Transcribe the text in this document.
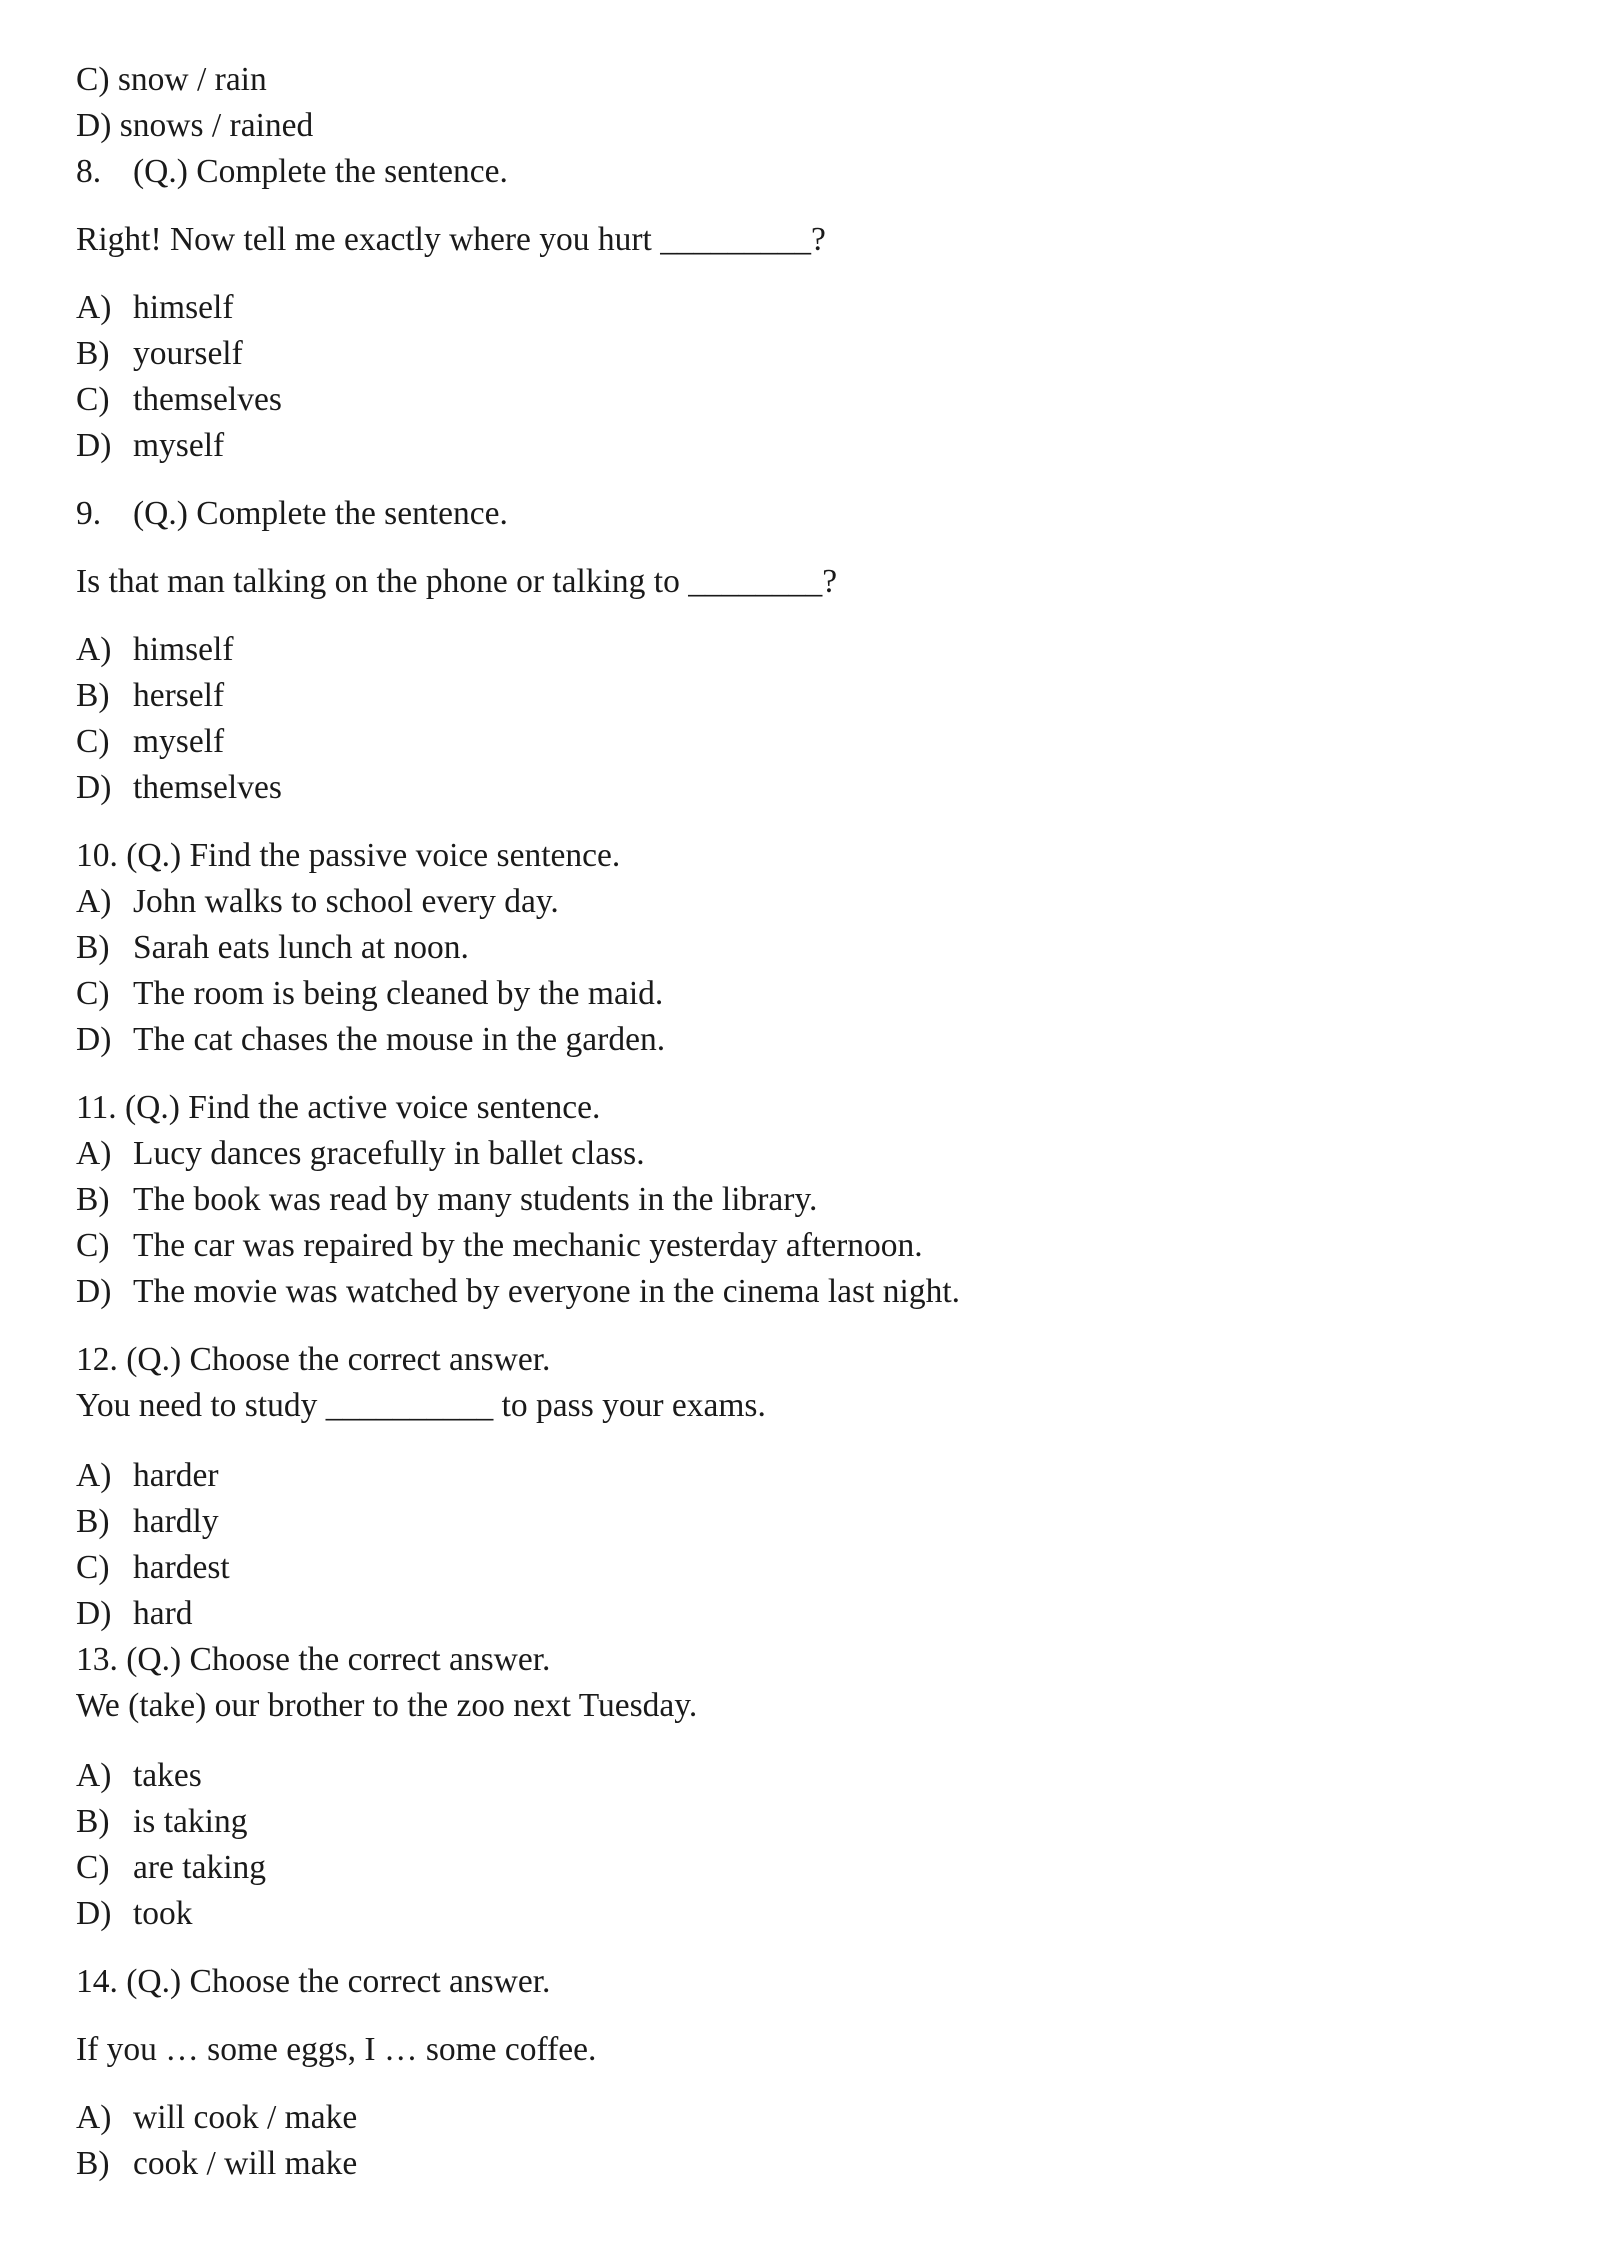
C) snow / rain
D) snows / rained
8. (Q.) Complete the sentence.
Right! Now tell me exactly where you hurt _________?
A) himself
B) yourself
C) themselves
D) myself
9. (Q.) Complete the sentence.
Is that man talking on the phone or talking to ________?
A) himself
B) herself
C) myself
D) themselves
10. (Q.) Find the passive voice sentence.
A) John walks to school every day.
B) Sarah eats lunch at noon.
C) The room is being cleaned by the maid.
D) The cat chases the mouse in the garden.
11. (Q.) Find the active voice sentence.
A) Lucy dances gracefully in ballet class.
B) The book was read by many students in the library.
C) The car was repaired by the mechanic yesterday afternoon.
D) The movie was watched by everyone in the cinema last night.
12. (Q.) Choose the correct answer.
You need to study __________ to pass your exams.
A) harder
B) hardly
C) hardest
D) hard
13. (Q.) Choose the correct answer.
We (take) our brother to the zoo next Tuesday.
A) takes
B) is taking
C) are taking
D) took
14. (Q.) Choose the correct answer.
If you … some eggs, I … some coffee.
A) will cook / make
B) cook / will make
